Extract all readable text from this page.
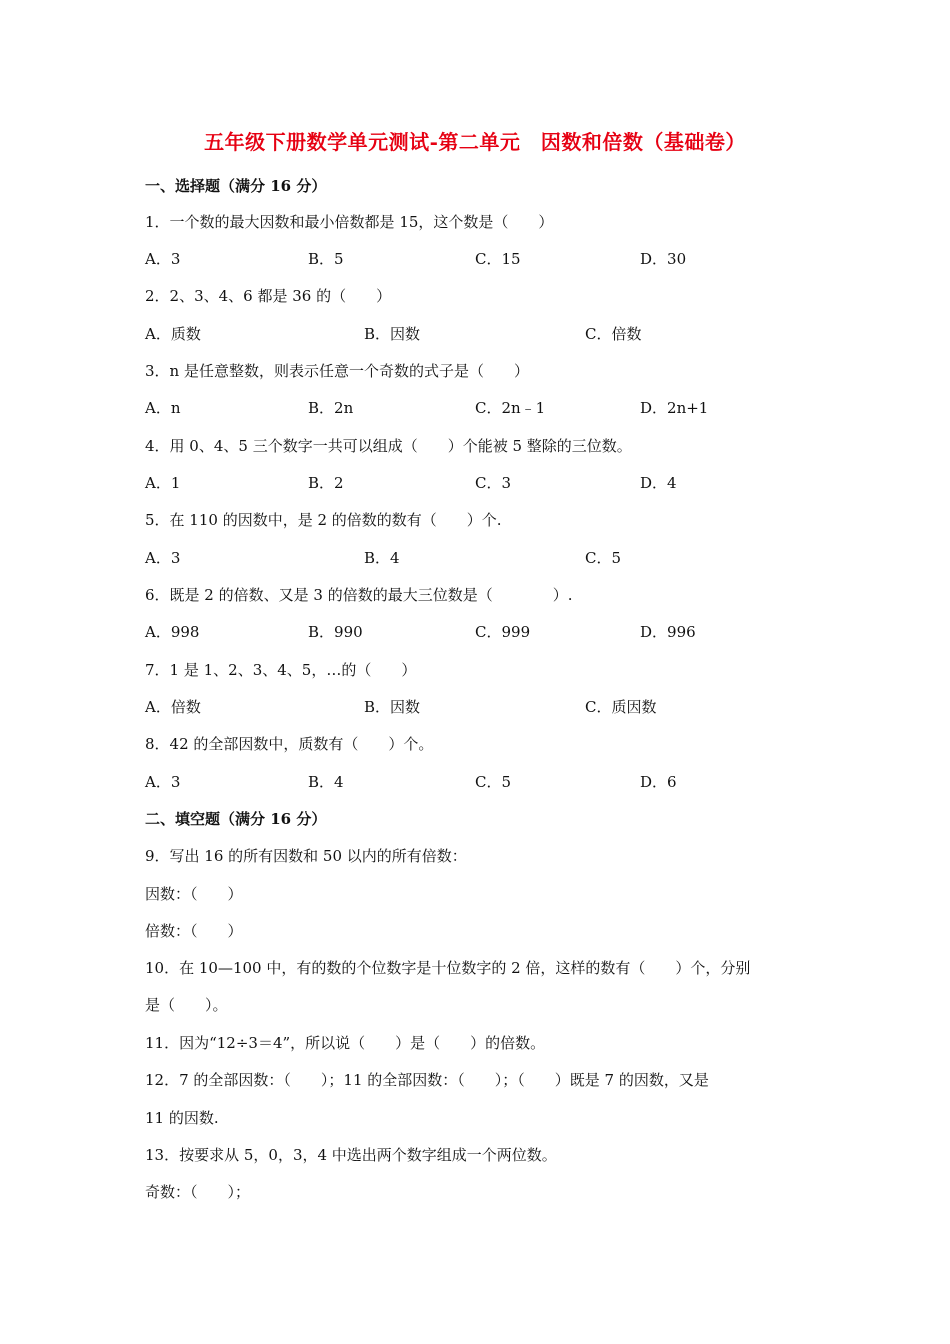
五年级下册数学单元测试-第二单元　因数和倍数（基础卷）
一、选择题（满分 16 分）
1．一个数的最大因数和最小倍数都是 15，这个数是（　　）
A．3	B．5	C．15	D．30
2．2、3、4、6 都是 36 的（　　）
A．质数	B．因数	C．倍数
3．n 是任意整数，则表示任意一个奇数的式子是（　　）
A．n	B．2n	C．2n﹣1	D．2n+1
4．用 0、4、5 三个数字一共可以组成（　　）个能被 5 整除的三位数。
A．1	B．2	C．3	D．4
5．在 110 的因数中，是 2 的倍数的数有（　　）个.
A．3	B．4	C．5
6．既是 2 的倍数、又是 3 的倍数的最大三位数是（　　　　）.
A．998	B．990	C．999	D．996
7．1 是 1、2、3、4、5，…的（　　）
A．倍数	B．因数	C．质因数
8．42 的全部因数中，质数有（　　）个。
A．3	B．4	C．5	D．6
二、填空题（满分 16 分）
9．写出 16 的所有因数和 50 以内的所有倍数：
因数：（　　）
倍数：（　　）
10．在 10—100 中，有的数的个位数字是十位数字的 2 倍，这样的数有（　　）个，分别
是（　　）。
11．因为“12÷3＝4”，所以说（　　）是（　　）的倍数。
12．7 的全部因数：（　　）；11 的全部因数：（　　）；（　　）既是 7 的因数，又是
11 的因数.
13．按要求从 5，0，3，4 中选出两个数字组成一个两位数。
奇数：（　　）；
